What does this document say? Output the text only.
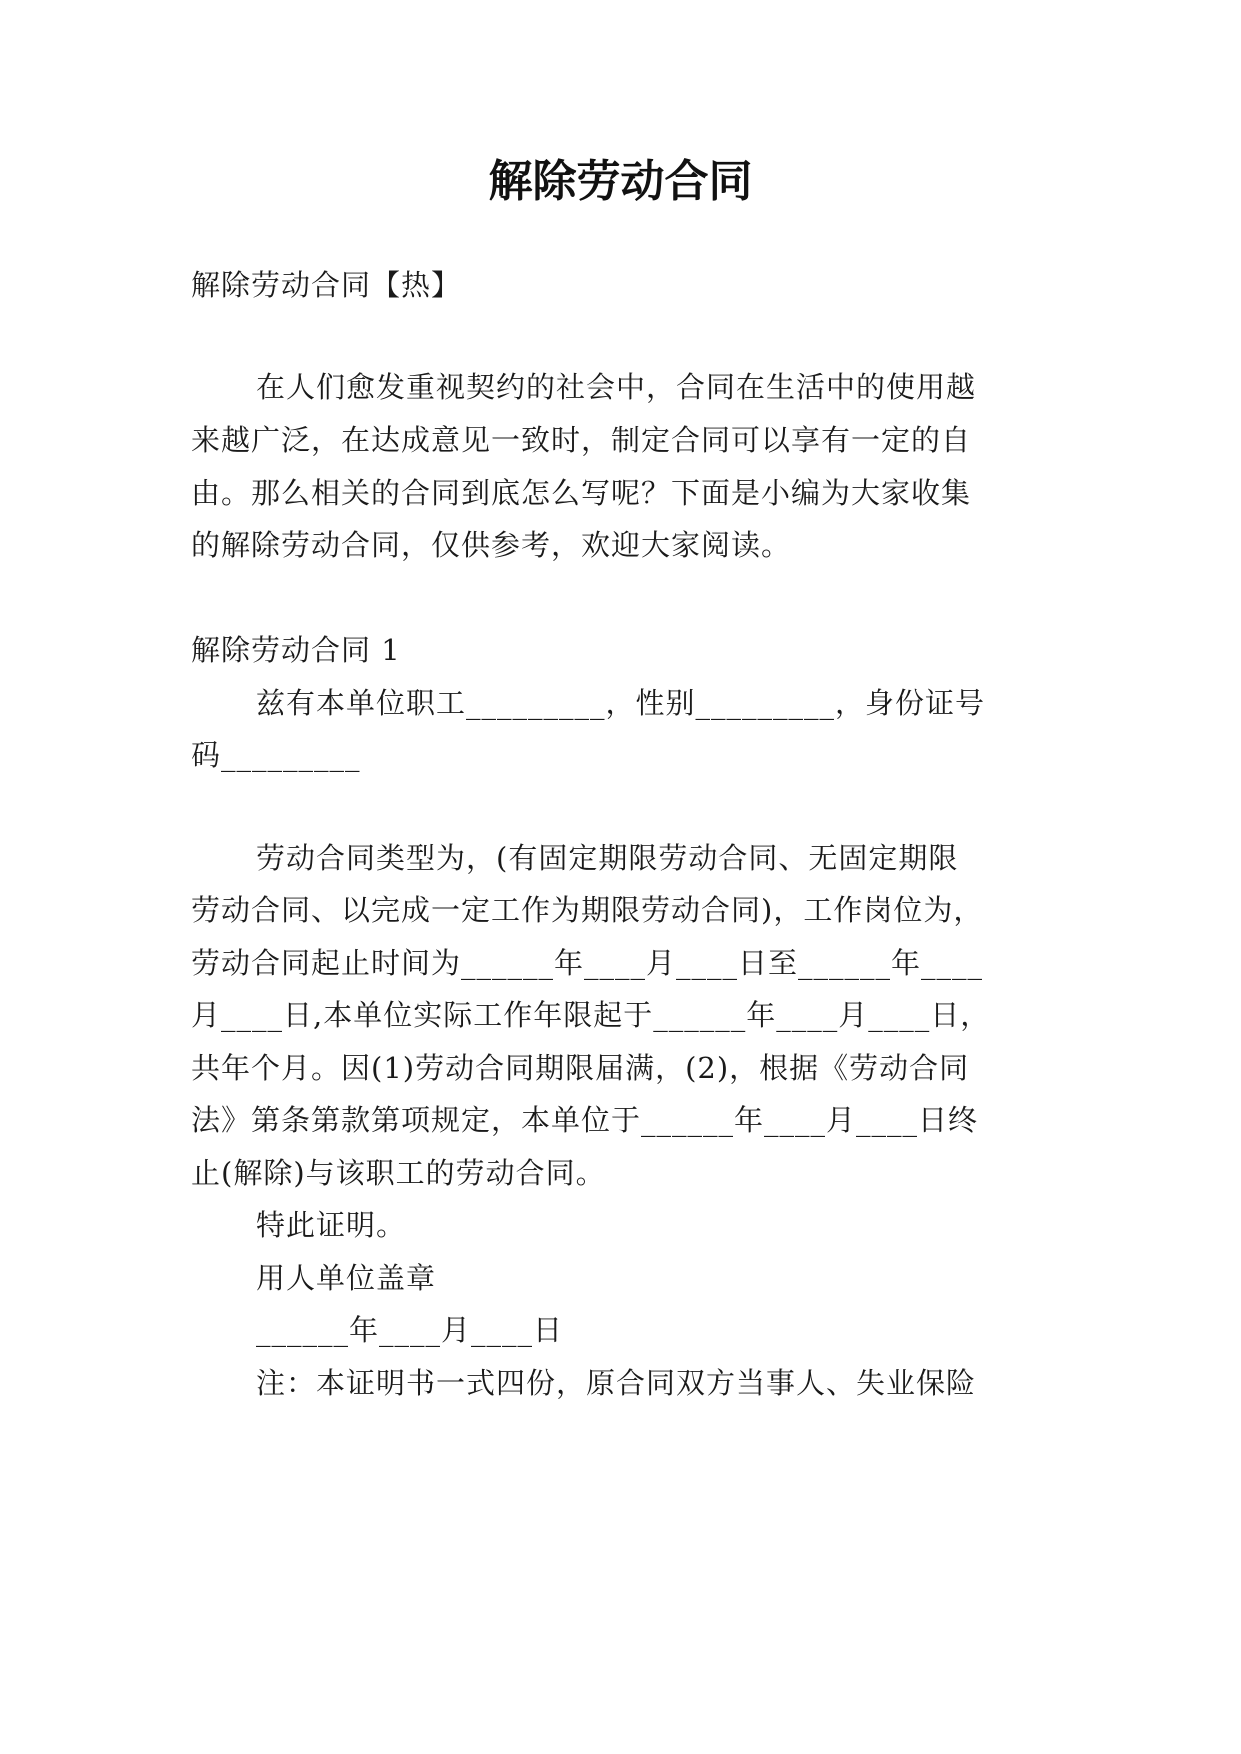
解除劳动合同
解除劳动合同【热】
在人们愈发重视契约的社会中，合同在生活中的使用越
来越广泛，在达成意见一致时，制定合同可以享有一定的自
由。那么相关的合同到底怎么写呢？下面是小编为大家收集
的解除劳动合同，仅供参考，欢迎大家阅读。
解除劳动合同 1
兹有本单位职工_________，性别_________，身份证号
码_________
劳动合同类型为，(有固定期限劳动合同、无固定期限
劳动合同、以完成一定工作为期限劳动合同)，工作岗位为，
劳动合同起止时间为______年____月____日至______年____
月____日,本单位实际工作年限起于______年____月____日，
共年个月。因(1)劳动合同期限届满，(2)，根据《劳动合同
法》第条第款第项规定，本单位于______年____月____日终
止(解除)与该职工的劳动合同。
特此证明。
用人单位盖章
______年____月____日
注：本证明书一式四份，原合同双方当事人、失业保险
